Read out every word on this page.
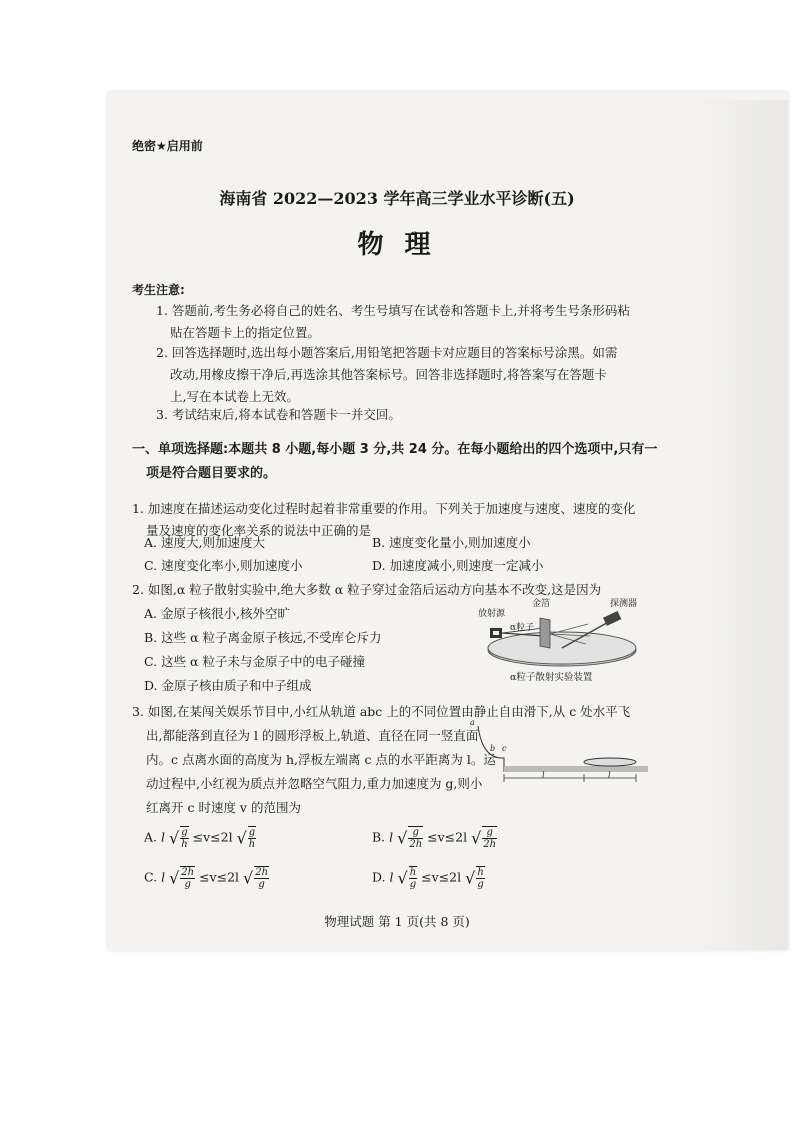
绝密★启用前
海南省 2022—2023 学年高三学业水平诊断(五)
物 理
考生注意:
1. 答题前,考生务必将自己的姓名、考生号填写在试卷和答题卡上,并将考生号条形码粘
贴在答题卡上的指定位置。
2. 回答选择题时,选出每小题答案后,用铅笔把答题卡对应题目的答案标号涂黑。如需
改动,用橡皮擦干净后,再选涂其他答案标号。回答非选择题时,将答案写在答题卡
上,写在本试卷上无效。
3. 考试结束后,将本试卷和答题卡一并交回。
一、单项选择题:本题共 8 小题,每小题 3 分,共 24 分。在每小题给出的四个选项中,只有一
项是符合题目要求的。
1. 加速度在描述运动变化过程时起着非常重要的作用。下列关于加速度与速度、速度的变化
量及速度的变化率关系的说法中正确的是
A. 速度大,则加速度大	B. 速度变化量小,则加速度小
C. 速度变化率小,则加速度小	D. 加速度减小,则速度一定减小
2. 如图,α 粒子散射实验中,绝大多数 α 粒子穿过金箔后运动方向基本不改变,这是因为
A. 金原子核很小,核外空旷
B. 这些 α 粒子离金原子核远,不受库仑斥力
C. 这些 α 粒子未与金原子中的电子碰撞
D. 金原子核由质子和中子组成
放射源
金箔	探测器
α粒子
α粒子散射实验装置
3. 如图,在某闯关娱乐节目中,小红从轨道 abc 上的不同位置由静止自由滑下,从 c 处水平飞
出,都能落到直径为 l 的圆形浮板上,轨道、直径在同一竖直面
内。c 点离水面的高度为 h,浮板左端离 c 点的水平距离为 l。运
动过程中,小红视为质点并忽略空气阻力,重力加速度为 g,则小
红离开 c 时速度 v 的范围为
a
b c
l	l
A. l √ $\frac{g}{h} \le v\le 2l$ √ $\frac{g}{h}$	B. l √ $\frac{g}{2h} \le v\le 2l$ √ $\frac{g}{2h}$
C. l √ $\frac{2h}{g} \le v\le 2l$ √ $\frac{2h}{g}$	D. l √ $\frac{h}{g} \le v\le 2l$ √ $\frac{h}{g}$
物理试题 第 1 页(共 8 页)
